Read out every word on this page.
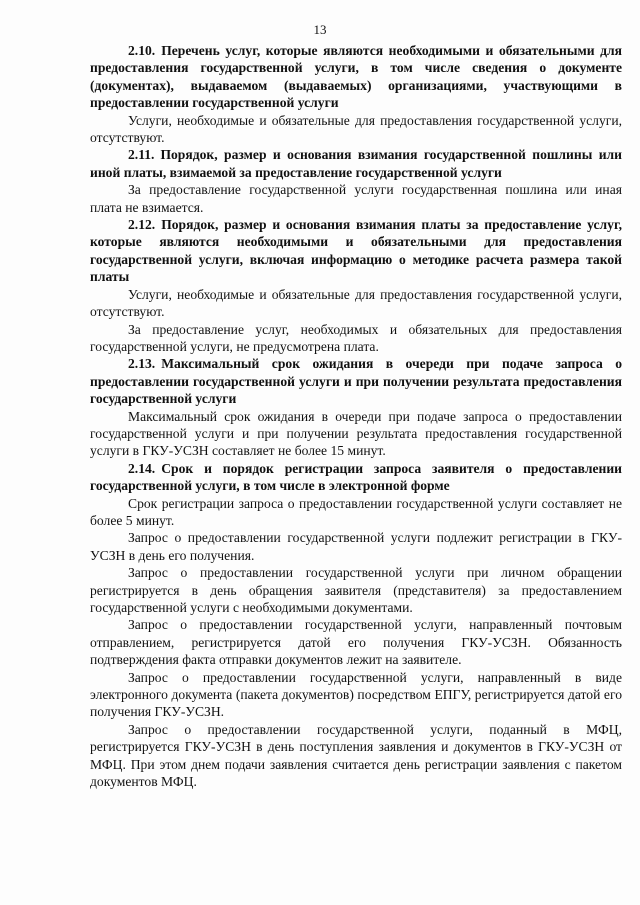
13

2.10. Перечень услуг, которые являются необходимыми и обязательными для предоставления государственной услуги, в том числе сведения о документе (документах), выдаваемом (выдаваемых) организациями, участвующими в предоставлении государственной услуги

Услуги, необходимые и обязательные для предоставления государственной услуги, отсутствуют.

2.11. Порядок, размер и основания взимания государственной пошлины или иной платы, взимаемой за предоставление государственной услуги

За предоставление государственной услуги государственная пошлина или иная плата не взимается.

2.12. Порядок, размер и основания взимания платы за предоставление услуг, которые являются необходимыми и обязательными для предоставления государственной услуги, включая информацию о методике расчета размера такой платы

Услуги, необходимые и обязательные для предоставления государственной услуги, отсутствуют.

За предоставление услуг, необходимых и обязательных для предоставления государственной услуги, не предусмотрена плата.

2.13. Максимальный срок ожидания в очереди при подаче запроса о предоставлении государственной услуги и при получении результата предоставления государственной услуги

Максимальный срок ожидания в очереди при подаче запроса о предоставлении государственной услуги и при получении результата предоставления государственной услуги в ГКУ-УСЗН составляет не более 15 минут.

2.14. Срок и порядок регистрации запроса заявителя о предоставлении государственной услуги, в том числе в электронной форме

Срок регистрации запроса о предоставлении государственной услуги составляет не более 5 минут.

Запрос о предоставлении государственной услуги подлежит регистрации в ГКУ-УСЗН в день его получения.

Запрос о предоставлении государственной услуги при личном обращении регистрируется в день обращения заявителя (представителя) за предоставлением государственной услуги с необходимыми документами.

Запрос о предоставлении государственной услуги, направленный почтовым отправлением, регистрируется датой его получения ГКУ-УСЗН. Обязанность подтверждения факта отправки документов лежит на заявителе.

Запрос о предоставлении государственной услуги, направленный в виде электронного документа (пакета документов) посредством ЕПГУ, регистрируется датой его получения ГКУ-УСЗН.

Запрос о предоставлении государственной услуги, поданный в МФЦ, регистрируется ГКУ-УСЗН в день поступления заявления и документов в ГКУ-УСЗН от МФЦ. При этом днем подачи заявления считается день регистрации заявления с пакетом документов МФЦ.
